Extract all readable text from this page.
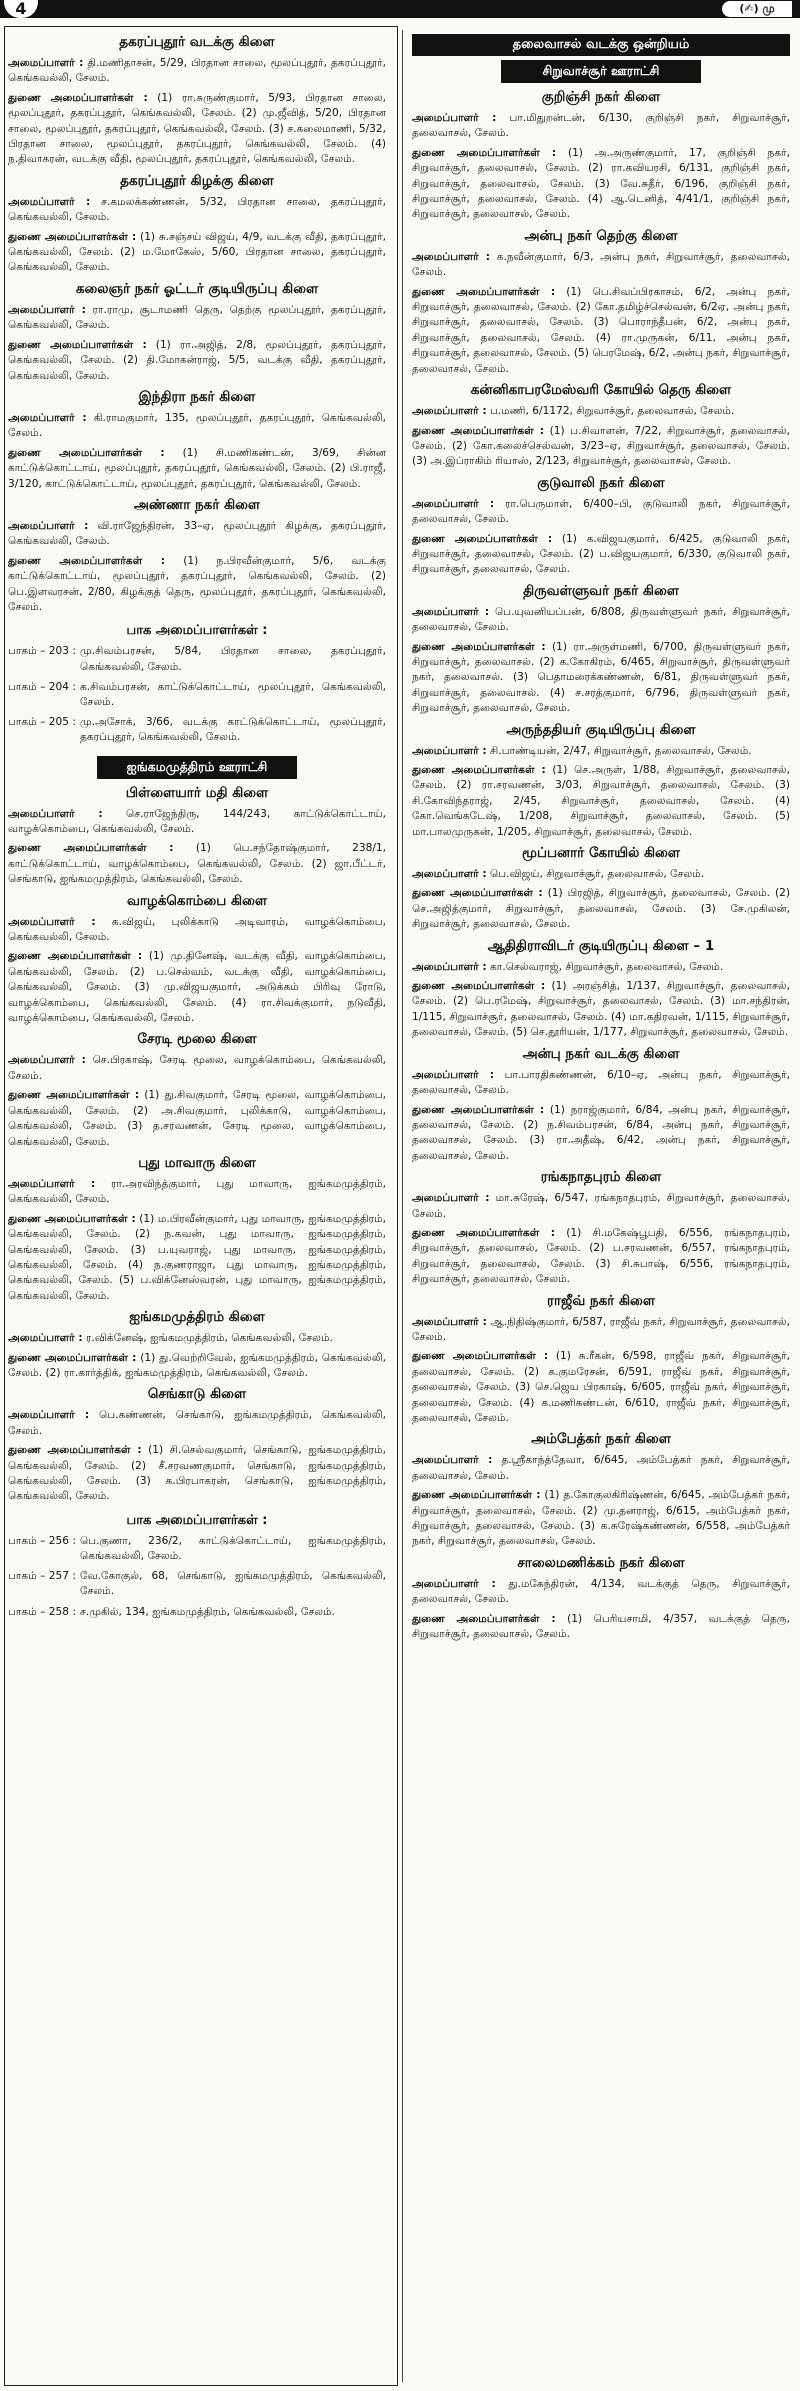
4	(✍) மு
தகரப்புதூர் வடக்கு கிளை

அமைப்பாளர் : தி.மணிதாசன், 5/29, பிரதான சாலை, மூலப்புதூர், தகரப்புதூர், கெங்கவல்லி, சேலம்.

துணை அமைப்பாளர்கள் : (1) ரா.சுருண்குமார், 5/93, பிரதான சாலை, மூலப்புதூர், தகரப்புதூர், கெங்கவல்லி, சேலம். (2) மு.ஜீவித், 5/20, பிரதான சாலை, மூலப்புதூர், தகரப்புதூர், கெங்கவல்லி, சேலம். (3) ச.கலைமாணி, 5/32, பிரதான சாலை, மூலப்புதூர், தகரப்புதூர், கெங்கவல்லி, சேலம். (4) ந.திவாகரன், வடக்கு வீதி, மூலப்புதூர், தகரப்புதூர், கெங்கவல்லி, சேலம்.

தகரப்புதூர் கிழக்கு கிளை

அமைப்பாளர் : ச.கமலக்கண்ணன், 5/32, பிரதான சாலை, தகரப்புதூர், கெங்கவல்லி, சேலம்.

துணை அமைப்பாளர்கள் : (1) சு.சஞ்சய் விஜய், 4/9, வடக்கு வீதி, தகரப்புதூர், கெங்கவல்லி, சேலம். (2) ம.மோகேஸ், 5/60, பிரதான சாலை, தகரப்புதூர், கெங்கவல்லி, சேலம்.

கலைஞர் நகர் ஓட்டர் குடியிருப்பு கிளை

அமைப்பாளர் : ரா.ராமு, சூடாமணி தெரு, தெற்கு மூலப்புதூர், தகரப்புதூர், கெங்கவல்லி, சேலம்.

துணை அமைப்பாளர்கள் : (1) ரா.அஜித், 2/8, மூலப்புதூர், தகரப்புதூர், கெங்கவல்லி, சேலம். (2) தி.மோகன்ராஜ், 5/5, வடக்கு வீதி, தகரப்புதூர், கெங்கவல்லி, சேலம்.

இந்திரா நகர் கிளை

அமைப்பாளர் : கி.ராமகுமார், 135, மூலப்புதூர், தகரப்புதூர், கெங்கவல்லி, சேலம்.

துணை அமைப்பாளர்கள் : (1) சி.மணிகண்டன், 3/69, சின்ன காட்டுக்கொட்டாய், மூலப்புதூர், தகரப்புதூர், கெங்கவல்லி, சேலம். (2) பி.ராஜீ, 3/120, காட்டுக்கொட்டாய், மூலப்புதூர், தகரப்புதூர், கெங்கவல்லி, சேலம்.

அண்ணா நகர் கிளை

அமைப்பாளர் : வி.ராஜேந்திரன், 33–ஏ, மூலப்புதூர் கிழக்கு, தகரப்புதூர், கெங்கவல்லி, சேலம்.

துணை அமைப்பாளர்கள் : (1) ந.பிரவீன்குமார், 5/6, வடக்கு காட்டுக்கொட்டாய், மூலப்புதூர், தகரப்புதூர், கெங்கவல்லி, சேலம். (2) பெ.இளவரசன், 2/80, கிழக்குத் தெரு, மூலப்புதூர், தகரப்புதூர், கெங்கவல்லி, சேலம்.

பாக அமைப்பாளர்கள் :
பாகம் – 203 :	மு.சிவம்பரசன், 5/84, பிரதான சாலை, தகரப்புதூர், கெங்கவல்லி, சேலம்.
பாகம் – 204 :	க.சிவம்பரசன், காட்டுக்கொட்டாய், மூலப்புதூர், கெங்கவல்லி, சேலம்.
பாகம் – 205 :	மு.அசோக், 3/66, வடக்கு காட்டுக்கொட்டாய், மூலப்புதூர், தகரப்புதூர், கெங்கவல்லி, சேலம்.
ஐங்கமமுத்திரம் ஊராட்சி
பிள்ளையார் மதி கிளை

அமைப்பாளர் : செ.ராஜேந்திரு, 144/243, காட்டுக்கொட்டாய், வாழக்கொம்பை, கெங்கவல்லி, சேலம்.

துணை அமைப்பாளர்கள் : (1) பெ.சந்தோஷ்குமார், 238/1, காட்டுக்கொட்டாய், வாழக்கொம்பை, கெங்கவல்லி, சேலம். (2) ஜா.பீட்டர், செங்காடு, ஐங்கமமுத்திரம், கெங்கவல்லி, சேலம்.

வாழக்கொம்பை கிளை

அமைப்பாளர் : க.விஜய், புலிக்காடு அடிவாரம், வாழக்கொம்பை, கெங்கவல்லி, சேலம்.

துணை அமைப்பாளர்கள் : (1) மு.தினேஷ், வடக்கு வீதி, வாழக்கொம்பை, கெங்கவல்லி, சேலம். (2) ப.செல்வம், வடக்கு வீதி, வாழக்கொம்பை, கெங்கவல்லி, சேலம். (3) மு.விஜயகுமார், அடுக்கம் பிரிவு ரோடு, வாழக்கொம்பை, கெங்கவல்லி, சேலம். (4) ரா.சிவக்குமார், நடுவீதி, வாழக்கொம்பை, கெங்கவல்லி, சேலம்.

சேரடி மூலை கிளை

அமைப்பாளர் : செ.பிரகாஷ், சேரடி மூலை, வாழக்கொம்பை, கெங்கவல்லி, சேலம்.

துணை அமைப்பாளர்கள் : (1) து.சிவகுமார், சேரடி மூலை, வாழக்கொம்பை, கெங்கவல்லி, சேலம். (2) அ.சிவகுமார், புலிக்காடு, வாழக்கொம்பை, கெங்கவல்லி, சேலம். (3) த.சரவணன், சேரடி மூலை, வாழக்கொம்பை, கெங்கவல்லி, சேலம்.

புது மாவாரு கிளை

அமைப்பாளர் : ரா.அரவிந்த்குமார், புது மாவாரு, ஐங்கமமுத்திரம், கெங்கவல்லி, சேலம்.

துணை அமைப்பாளர்கள் : (1) ம.பிரவீன்குமார், புது மாவாரு, ஐங்கமமுத்திரம், கெங்கவல்லி, சேலம். (2) ந.கவன், புது மாவாரு, ஐங்கமமுத்திரம், கெங்கவல்லி, சேலம். (3) ப.யுவராஜ், புது மாவாரு, ஐங்கமமுத்திரம், கெங்கவல்லி, சேலம். (4) ந.குணராஜா, புது மாவாரு, ஐங்கமமுத்திரம், கெங்கவல்லி, சேலம். (5) ப.விக்னேஸ்வரன், புது மாவாரு, ஐங்கமமுத்திரம், கெங்கவல்லி, சேலம்.

ஐங்கமமுத்திரம் கிளை

அமைப்பாளர் : ர.விக்னேஷ், ஐங்கமமுத்திரம், கெங்கவல்லி, சேலம்.

துணை அமைப்பாளர்கள் : (1) து.வெற்றிவேல், ஐங்கமமுத்திரம், கெங்கவல்லி, சேலம். (2) ரா.கார்த்திக், ஐங்கமமுத்திரம், கெங்கவல்லி, சேலம்.

செங்காடு கிளை

அமைப்பாளர் : பெ.கண்ணன், செங்காடு, ஐங்கமமுத்திரம், கெங்கவல்லி, சேலம்.

துணை அமைப்பாளர்கள் : (1) சி.செல்வகுமார், செங்காடு, ஐங்கமமுத்திரம், கெங்கவல்லி, சேலம். (2) சீ.சரவணகுமார், செங்காடு, ஐங்கமமுத்திரம், கெங்கவல்லி, சேலம். (3) க.பிரபாகரன், செங்காடு, ஐங்கமமுத்திரம், கெங்கவல்லி, சேலம்.

பாக அமைப்பாளர்கள் :
பாகம் – 256 :	பெ.குணா, 236/2, காட்டுக்கொட்டாய், ஐங்கமமுத்திரம், கெங்கவல்லி, சேலம்.
பாகம் – 257 :	வே.கோகுல், 68, செங்காடு, ஐங்கமமுத்திரம், கெங்கவல்லி, சேலம்.
பாகம் – 258 :	ச.முகில், 134, ஐங்கமமுத்திரம், கெங்கவல்லி, சேலம்.
தலைவாசல் வடக்கு ஒன்றியம்
சிறுவாச்சூர் ஊராட்சி
குறிஞ்சி நகர் கிளை

அமைப்பாளர் : பா.மிதுறன்டன், 6/130, குறிஞ்சி நகர், சிறுவாச்சூர், தலைவாசல், சேலம்.

துணை அமைப்பாளர்கள் : (1) அ.அருண்குமார், 17, குறிஞ்சி நகர், சிறுவாச்சூர், தலைவாசல், சேலம். (2) ரா.கவியரசி, 6/131, குறிஞ்சி நகர், சிறுவாச்சூர், தலைவாசல், சேலம். (3) வே.சுதீர், 6/196, குறிஞ்சி நகர், சிறுவாச்சூர், தலைவாசல், சேலம். (4) ஆ.டெனித், 4/41/1, குறிஞ்சி நகர், சிறுவாச்சூர், தலைவாசல், சேலம்.

அன்பு நகர் தெற்கு கிளை

அமைப்பாளர் : க.நவீன்குமார், 6/3, அன்பு நகர், சிறுவாச்சூர், தலைவாசல், சேலம்.

துணை அமைப்பாளர்கள் : (1) பெ.சிவப்பிரகாசம், 6/2, அன்பு நகர், சிறுவாச்சூர், தலைவாசல், சேலம். (2) கோ.தமிழ்ச்செல்வன், 6/2ஏ, அன்பு நகர், சிறுவாச்சூர், தலைவாசல், சேலம். (3) பொராந்தீபன், 6/2, அன்பு நகர், சிறுவாச்சூர், தலைவாசல், சேலம். (4) ரா.முருகன், 6/11, அன்பு நகர், சிறுவாச்சூர், தலைவாசல், சேலம். (5) பெரமேஷ், 6/2, அன்பு நகர், சிறுவாச்சூர், தலைவாசல், சேலம்.

கன்னிகாபரமேஸ்வரி கோயில் தெரு கிளை

அமைப்பாளர் : ப.மணி, 6/1172, சிறுவாச்சூர், தலைவாசல், சேலம்.

துணை அமைப்பாளர்கள் : (1) ப.சிவாளன், 7/22, சிறுவாச்சூர், தலைவாசல், சேலம். (2) கோ.கலைச்செல்வன், 3/23–ஏ, சிறுவாச்சூர், தலைவாசல், சேலம். (3) அ.இப்ராகிம் ரியாஸ், 2/123, சிறுவாச்சூர், தலைவாசல், சேலம்.

குடுவாலி நகர் கிளை

அமைப்பாளர் : ரா.பெருமாள், 6/400–பி, குடுவாலி நகர், சிறுவாச்சூர், தலைவாசல், சேலம்.

துணை அமைப்பாளர்கள் : (1) க.விஜயகுமார், 6/425, குடுவாலி நகர், சிறுவாச்சூர், தலைவாசல், சேலம். (2) ப.விஜயகுமார், 6/330, குடுவாலி நகர், சிறுவாச்சூர், தலைவாசல், சேலம்.

திருவள்ளுவர் நகர் கிளை

அமைப்பாளர் : பெ.யுவனியப்பன், 6/808, திருவள்ளுவர் நகர், சிறுவாச்சூர், தலைவாசல், சேலம்.

துணை அமைப்பாளர்கள் : (1) ரா.அருள்மணி, 6/700, திருவள்ளுவர் நகர், சிறுவாச்சூர், தலைவாசல். (2) க.கோகிரம், 6/465, சிறுவாச்சூர், திருவள்ளுவர் நகர், தலைவாசல். (3) பெதாமரைக்கண்ணன், 6/81, திருவள்ளுவர் நகர், சிறுவாச்சூர், தலைவாசல். (4) ச.சரத்குமார், 6/796, திருவள்ளுவர் நகர், சிறுவாச்சூர், தலைவாசல், சேலம்.

அருந்ததியர் குடியிருப்பு கிளை

அமைப்பாளர் : சி.பாண்டியன், 2/47, சிறுவாச்சூர், தலைவாசல், சேலம்.

துணை அமைப்பாளர்கள் : (1) செ.அருள், 1/88, சிறுவாச்சூர், தலைவாசல், சேலம். (2) ரா.சரவணன், 3/03, சிறுவாச்சூர், தலைவாசல், சேலம். (3) சி.கோவிந்தராஜ், 2/45, சிறுவாச்சூர், தலைவாசல், சேலம். (4) கோ.வெங்கடேஷ், 1/208, சிறுவாச்சூர், தலைவாசல், சேலம். (5) மா.பாலமுருகன், 1/205, சிறுவாச்சூர், தலைவாசல், சேலம்.

மூப்பனார் கோயில் கிளை

அமைப்பாளர் : பெ.விஜய், சிறுவாச்சூர், தலைவாசல், சேலம்.

துணை அமைப்பாளர்கள் : (1) பிரஜித், சிறுவாச்சூர், தலைவாசல், சேலம். (2) செ.அஜித்குமார், சிறுவாச்சூர், தலைவாசல், சேலம். (3) சே.முகிலன், சிறுவாச்சூர், தலைவாசல், சேலம்.

ஆதிதிராவிடர் குடியிருப்பு கிளை – 1

அமைப்பாளர் : கா.செல்வராஜ், சிறுவாச்சூர், தலைவாசல், சேலம்.

துணை அமைப்பாளர்கள் : (1) அரஞ்சித், 1/137, சிறுவாச்சூர், தலைவாசல், சேலம். (2) பெ.ரமேஷ், சிறுவாச்சூர், தலைவாசல், சேலம். (3) மா.சந்திரன், 1/115, சிறுவாச்சூர், தலைவாசல், சேலம். (4) மா.கதிரவன், 1/115, சிறுவாச்சூர், தலைவாசல், சேலம். (5) செ.தூரியன், 1/177, சிறுவாச்சூர், தலைவாசல், சேலம்.

அன்பு நகர் வடக்கு கிளை

அமைப்பாளர் : பா.பாரதிகண்ணன், 6/10–ஏ, அன்பு நகர், சிறுவாச்சூர், தலைவாசல், சேலம்.

துணை அமைப்பாளர்கள் : (1) நராஜ்குமார், 6/84, அன்பு நகர், சிறுவாச்சூர், தலைவாசல், சேலம். (2) ந.சிவம்பரசன், 6/84, அன்பு நகர், சிறுவாச்சூர், தலைவாசல், சேலம். (3) ரா.அதீஷ், 6/42, அன்பு நகர், சிறுவாச்சூர், தலைவாசல், சேலம்.

ரங்கநாதபுரம் கிளை

அமைப்பாளர் : மா.சுரேஷ், 6/547, ரங்கநாதபுரம், சிறுவாச்சூர், தலைவாசல், சேலம்.

துணை அமைப்பாளர்கள் : (1) சி.மகேஷ்பூபதி, 6/556, ரங்கநாதபுரம், சிறுவாச்சூர், தலைவாசல், சேலம். (2) ப.சரவணன், 6/557, ரங்கநாதபுரம், சிறுவாச்சூர், தலைவாசல், சேலம். (3) சி.சுபாஷ், 6/556, ரங்கநாதபுரம், சிறுவாச்சூர், தலைவாசல், சேலம்.

ராஜீவ் நகர் கிளை

அமைப்பாளர் : ஆ.நிதிஷ்குமார், 6/587, ராஜீவ் நகர், சிறுவாச்சூர், தலைவாசல், சேலம்.

துணை அமைப்பாளர்கள் : (1) சு.ரீகன், 6/598, ராஜீவ் நகர், சிறுவாச்சூர், தலைவாசல், சேலம். (2) க.குமரேசன், 6/591, ராஜீவ் நகர், சிறுவாச்சூர், தலைவாசல், சேலம். (3) செ.ஜெய பிரகாஷ், 6/605, ராஜீவ் நகர், சிறுவாச்சூர், தலைவாசல், சேலம். (4) க.மணிகண்டன், 6/610, ராஜீவ் நகர், சிறுவாச்சூர், தலைவாசல், சேலம்.

அம்பேத்கர் நகர் கிளை

அமைப்பாளர் : த.ஸ்ரீகாந்த்தேவா, 6/645, அம்பேத்கர் நகர், சிறுவாச்சூர், தலைவாசல், சேலம்.

துணை அமைப்பாளர்கள் : (1) த.கோகுலகிரிஷ்ணன், 6/645, அம்பேத்கர் நகர், சிறுவாச்சூர், தலைவாசல், சேலம். (2) மு.தனராஜ், 6/615, அம்பேத்கர் நகர், சிறுவாச்சூர், தலைவாசல், சேலம். (3) க.சுரேஷ்கண்ணன், 6/558, அம்பேத்கர் நகர், சிறுவாச்சூர், தலைவாசல், சேலம்.

சாலைமணிக்கம் நகர் கிளை

அமைப்பாளர் : து.மகேந்திரன், 4/134, வடக்குத் தெரு, சிறுவாச்சூர், தலைவாசல், சேலம்.

துணை அமைப்பாளர்கள் : (1) பெரியசாமி, 4/357, வடக்குத் தெரு, சிறுவாச்சூர், தலைவாசல், சேலம்.
